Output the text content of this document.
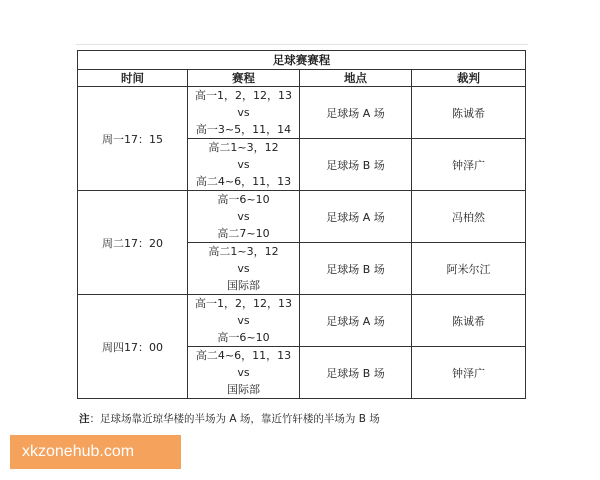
足球赛赛程			
时间	赛程	地点	裁判
周一17：15	高一1，2，12，13
vs
高一3~5，11，14	足球场 A 场	陈诚希

	高二1~3，12
vs
高二4~6，11，13	足球场 B 场	钟泽广
周二17：20	高一6~10
vs
高二7~10	足球场 A 场	冯柏然

	高二1~3，12
vs
国际部	足球场 B 场	阿米尔江
周四17：00	高一1，2，12，13
vs
高一6~10	足球场 A 场	陈诚希

	高二4~6，11，13
vs
国际部	足球场 B 场	钟泽广
注：足球场靠近琼华楼的半场为 A 场，靠近竹轩楼的半场为 B 场
xkzonehub.com
